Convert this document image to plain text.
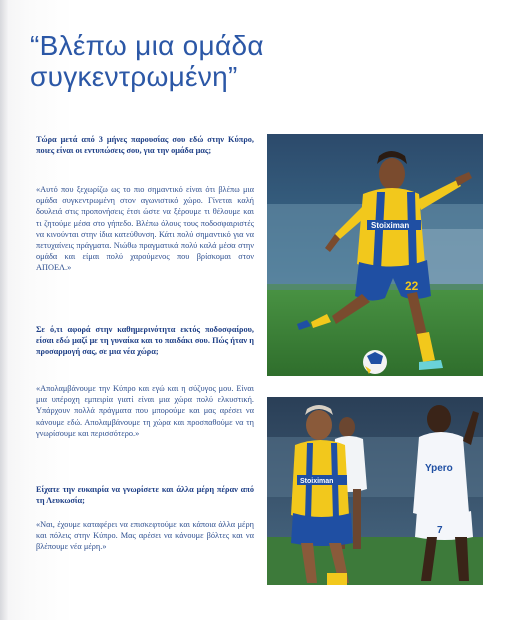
“Βλέπω μια ομάδα
συγκεντρωμένη”

Τώρα μετά από 3 μήνες παρουσίας σου εδώ στην Κύπρο, ποιες είναι οι εντυπώσεις σου, για την ομάδα μας;

«Αυτό που ξεχωρίζω ως το πιο σημαντικό είναι ότι βλέπω μια ομάδα συγκεντρωμένη στον αγωνιστικό χώρο. Γίνεται καλή δουλειά στις προπονήσεις έτσι ώστε να ξέρουμε τι θέλουμε και τι ζητούμε μέσα στο γήπεδο. Βλέπω όλους τους ποδοσφαιριστές να κινούνται στην ίδια κατεύθυνση. Κάτι πολύ σημαντικό για να πετυχαίνεις πράγματα. Νιώθω πραγματικά πολύ καλά μέσα στην ομάδα και είμαι πολύ χαρούμενος που βρίσκομαι στον ΑΠΟΕΛ.»

Σε ό,τι αφορά στην καθημερινότητα εκτός ποδοσφαίρου, είσαι εδώ μαζί με τη γυναίκα και το παιδάκι σου. Πώς ήταν η προσαρμογή σας, σε μια νέα χώρα;

«Απολαμβάνουμε την Κύπρο και εγώ και η σύζυγος μου. Είναι μια υπέροχη εμπειρία γιατί είναι μια χώρα πολύ ελκυστική. Υπάρχουν πολλά πράγματα που μπορούμε και μας αρέσει να κάνουμε εδώ. Απολαμβάνουμε τη χώρα και προσπαθούμε να τη γνωρίσουμε και περισσότερο.»

Είχατε την ευκαιρία να γνωρίσετε και άλλα μέρη πέραν από τη Λευκωσία;

«Ναι, έχουμε καταφέρει να επισκεφτούμε και κάποια άλλα μέρη και πόλεις στην Κύπρο. Μας αρέσει να κάνουμε βόλτες και να βλέπουμε νέα μέρη.»

Stoiximan
22
Stoiximan
Ypero
7
